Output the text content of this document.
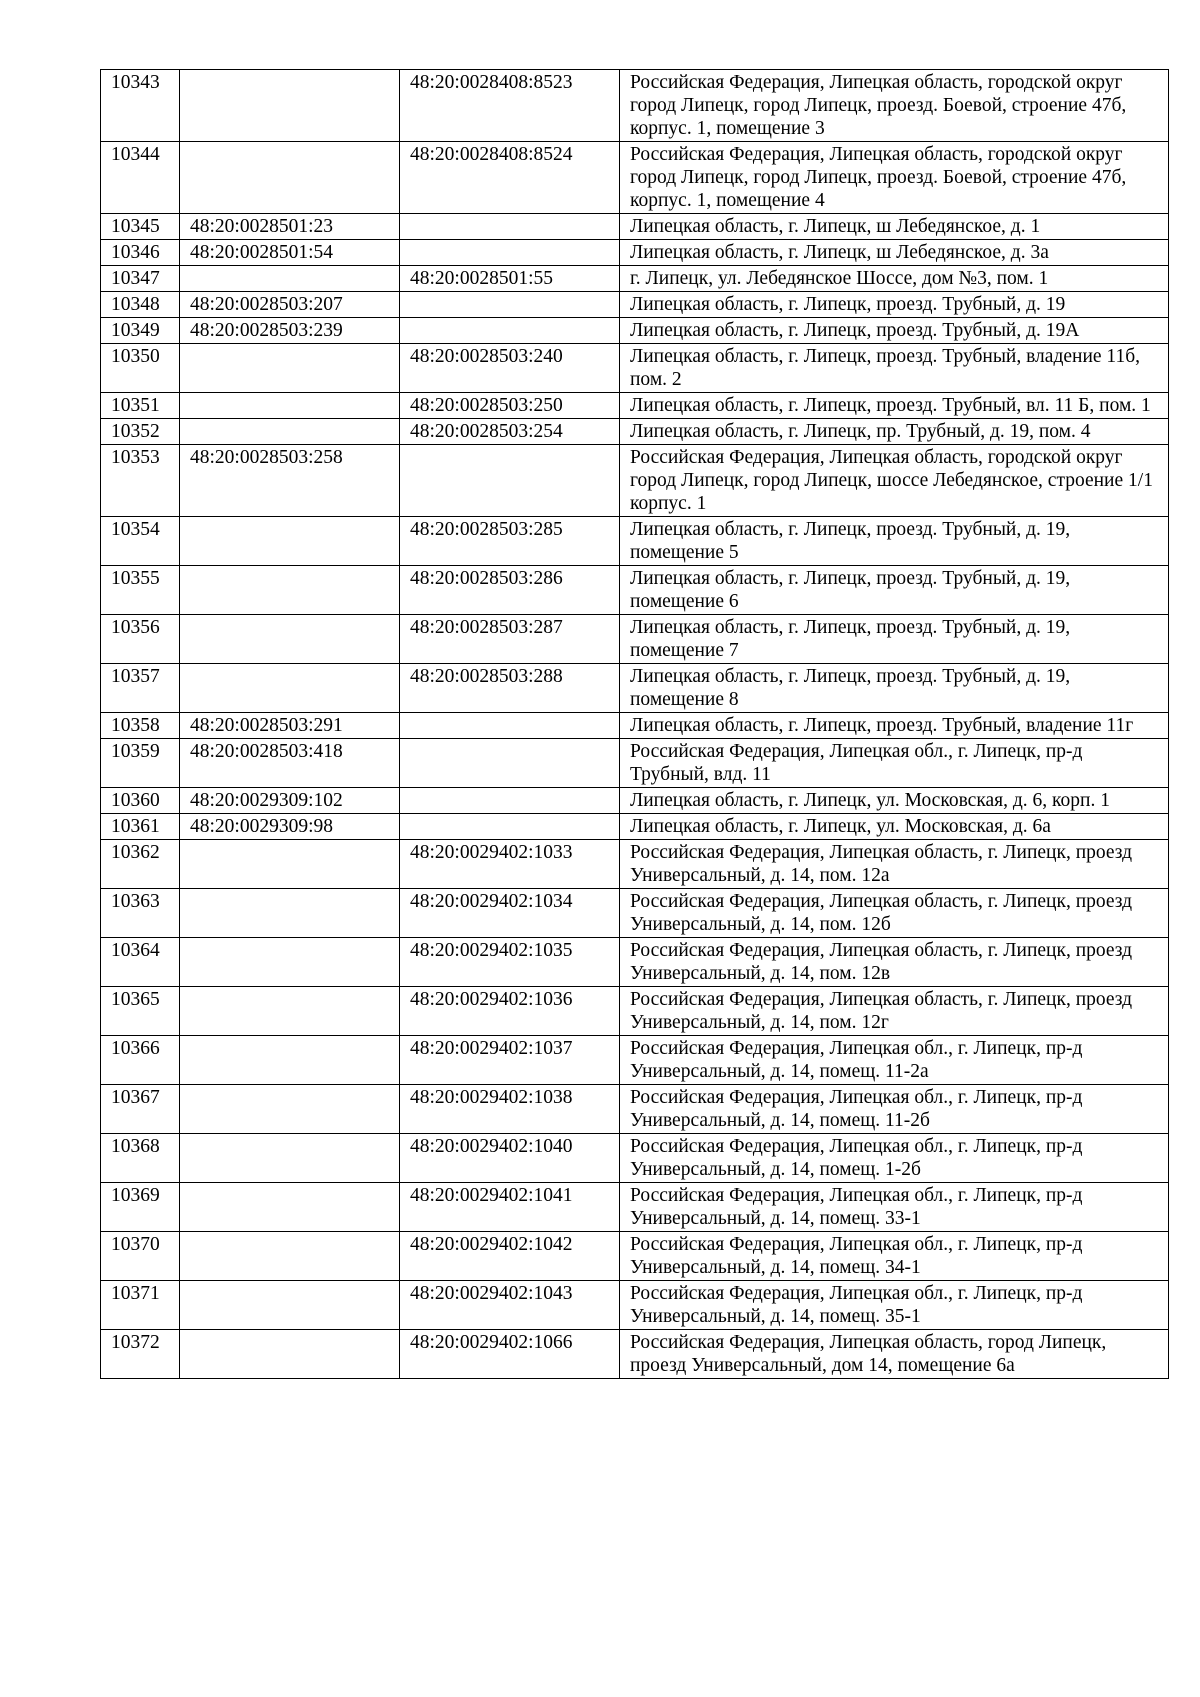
10343		48:20:0028408:8523	Российская Федерация, Липецкая область, городской округ город Липецк, город Липецк, проезд. Боевой, строение 47б, корпус. 1, помещение 3
10344		48:20:0028408:8524	Российская Федерация, Липецкая область, городской округ город Липецк, город Липецк, проезд. Боевой, строение 47б, корпус. 1, помещение 4
10345	48:20:0028501:23		Липецкая область, г. Липецк, ш Лебедянское, д. 1
10346	48:20:0028501:54		Липецкая область, г. Липецк, ш Лебедянское, д. 3а
10347		48:20:0028501:55	г. Липецк, ул. Лебедянское Шоссе, дом №3, пом. 1
10348	48:20:0028503:207		Липецкая область, г. Липецк, проезд. Трубный, д. 19
10349	48:20:0028503:239		Липецкая область, г. Липецк, проезд. Трубный, д. 19А
10350		48:20:0028503:240	Липецкая область, г. Липецк, проезд. Трубный, владение 11б, пом. 2
10351		48:20:0028503:250	Липецкая область, г. Липецк, проезд. Трубный, вл. 11 Б, пом. 1
10352		48:20:0028503:254	Липецкая область, г. Липецк, пр. Трубный, д. 19, пом. 4
10353	48:20:0028503:258		Российская Федерация, Липецкая область, городской округ город Липецк, город Липецк, шоссе Лебедянское, строение 1/1 корпус. 1
10354		48:20:0028503:285	Липецкая область, г. Липецк, проезд. Трубный, д. 19, помещение 5
10355		48:20:0028503:286	Липецкая область, г. Липецк, проезд. Трубный, д. 19, помещение 6
10356		48:20:0028503:287	Липецкая область, г. Липецк, проезд. Трубный, д. 19, помещение 7
10357		48:20:0028503:288	Липецкая область, г. Липецк, проезд. Трубный, д. 19, помещение 8
10358	48:20:0028503:291		Липецкая область, г. Липецк, проезд. Трубный, владение 11г
10359	48:20:0028503:418		Российская Федерация, Липецкая обл., г. Липецк, пр-д Трубный, влд. 11
10360	48:20:0029309:102		Липецкая область, г. Липецк, ул. Московская, д. 6, корп. 1
10361	48:20:0029309:98		Липецкая область, г. Липецк, ул. Московская, д. 6а
10362		48:20:0029402:1033	Российская Федерация, Липецкая область, г. Липецк, проезд Универсальный, д. 14, пом. 12а
10363		48:20:0029402:1034	Российская Федерация, Липецкая область, г. Липецк, проезд Универсальный, д. 14, пом. 12б
10364		48:20:0029402:1035	Российская Федерация, Липецкая область, г. Липецк, проезд Универсальный, д. 14, пом. 12в
10365		48:20:0029402:1036	Российская Федерация, Липецкая область, г. Липецк, проезд Универсальный, д. 14, пом. 12г
10366		48:20:0029402:1037	Российская Федерация, Липецкая обл., г. Липецк, пр-д Универсальный, д. 14, помещ. 11-2а
10367		48:20:0029402:1038	Российская Федерация, Липецкая обл., г. Липецк, пр-д Универсальный, д. 14, помещ. 11-2б
10368		48:20:0029402:1040	Российская Федерация, Липецкая обл., г. Липецк, пр-д Универсальный, д. 14, помещ. 1-2б
10369		48:20:0029402:1041	Российская Федерация, Липецкая обл., г. Липецк, пр-д Универсальный, д. 14, помещ. 33-1
10370		48:20:0029402:1042	Российская Федерация, Липецкая обл., г. Липецк, пр-д Универсальный, д. 14, помещ. 34-1
10371		48:20:0029402:1043	Российская Федерация, Липецкая обл., г. Липецк, пр-д Универсальный, д. 14, помещ. 35-1
10372		48:20:0029402:1066	Российская Федерация, Липецкая область, город Липецк, проезд Универсальный, дом 14, помещение 6а
